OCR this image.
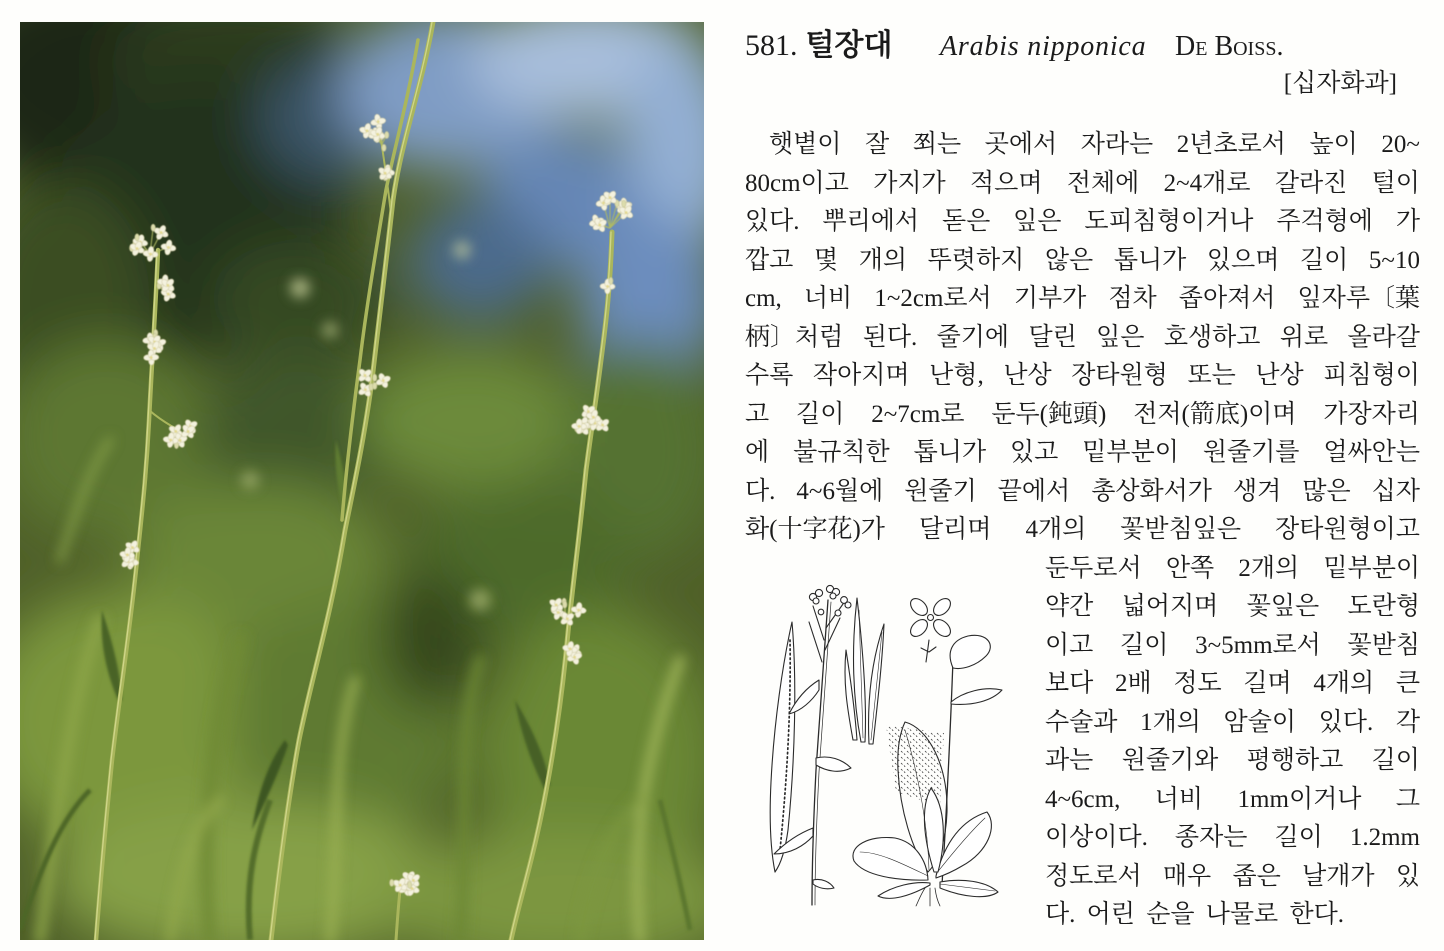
581. 털장대 Arabis nipponica De Boiss.
[십자화과]
햇볕이 잘 쬐는 곳에서 자라는 2년초로서 높이 20~
80cm이고 가지가 적으며 전체에 2~4개로 갈라진 털이
있다. 뿌리에서 돋은 잎은 도피침형이거나 주걱형에 가
깝고 몇 개의 뚜렷하지 않은 톱니가 있으며 길이 5~10
cm, 너비 1~2cm로서 기부가 점차 좁아져서 잎자루〔葉
柄〕처럼 된다. 줄기에 달린 잎은 호생하고 위로 올라갈
수록 작아지며 난형, 난상 장타원형 또는 난상 피침형이
고 길이 2~7cm로 둔두(鈍頭) 전저(箭底)이며 가장자리
에 불규칙한 톱니가 있고 밑부분이 원줄기를 얼싸안는
다. 4~6월에 원줄기 끝에서 총상화서가 생겨 많은 십자
화(十字花)가 달리며 4개의 꽃받침잎은 장타원형이고
둔두로서 안쪽 2개의 밑부분이
약간 넓어지며 꽃잎은 도란형
이고 길이 3~5mm로서 꽃받침
보다 2배 정도 길며 4개의 큰
수술과 1개의 암술이 있다. 각
과는 원줄기와 평행하고 길이
4~6cm, 너비 1mm이거나 그
이상이다. 종자는 길이 1.2mm
정도로서 매우 좁은 날개가 있
다. 어린 순을 나물로 한다.
